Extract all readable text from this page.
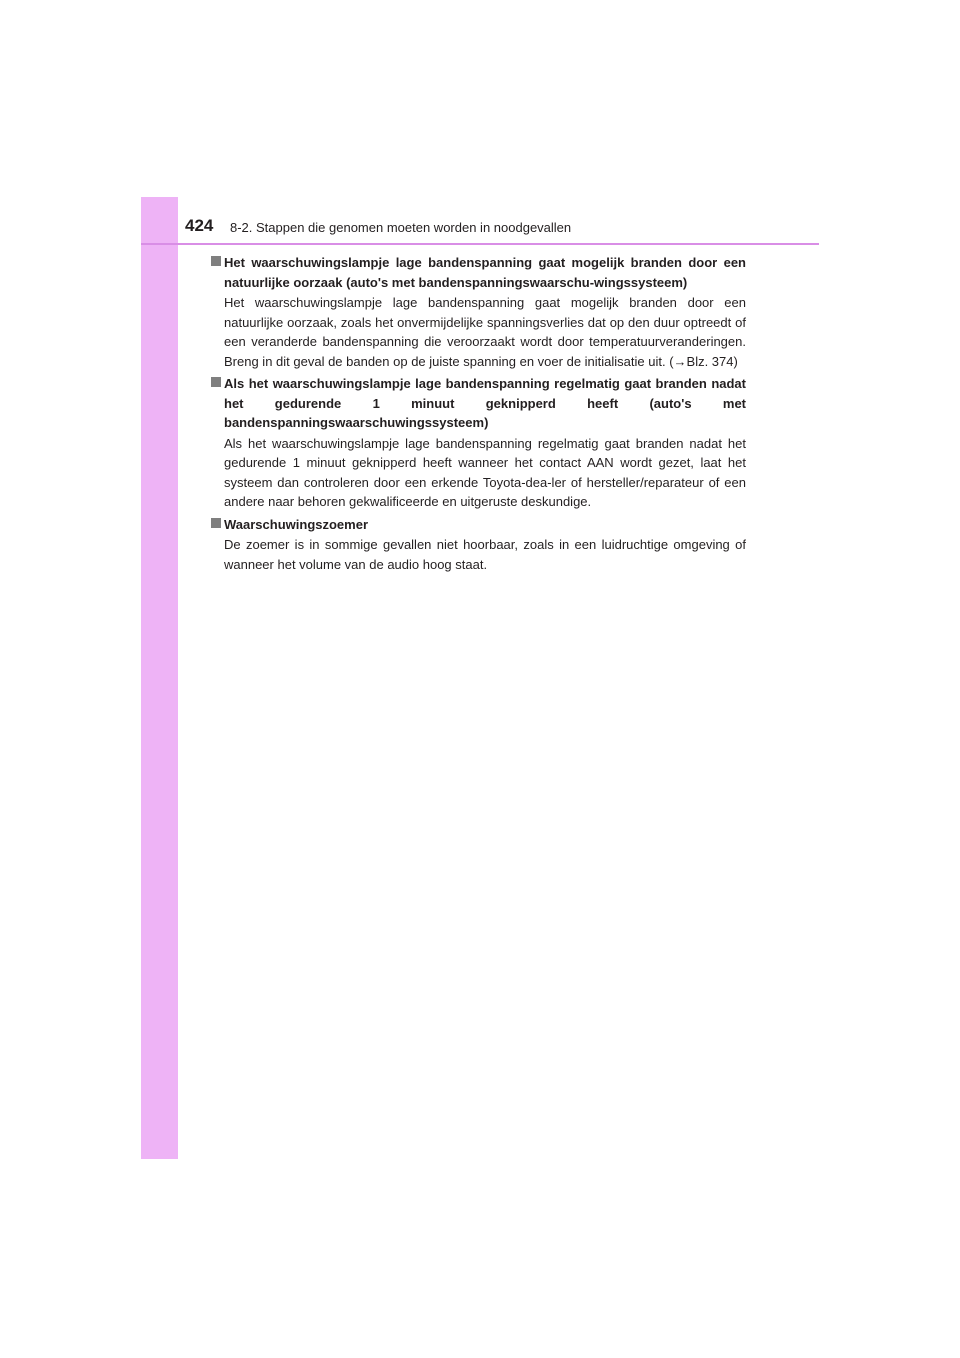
424 8-2. Stappen die genomen moeten worden in noodgevallen
Het waarschuwingslampje lage bandenspanning gaat mogelijk branden door een natuurlijke oorzaak (auto's met bandenspanningswaarschu-wingssysteem)
Het waarschuwingslampje lage bandenspanning gaat mogelijk branden door een natuurlijke oorzaak, zoals het onvermijdelijke spanningsverlies dat op den duur optreedt of een veranderde bandenspanning die veroorzaakt wordt door temperatuurveranderingen. Breng in dit geval de banden op de juiste spanning en voer de initialisatie uit. (→Blz. 374)
Als het waarschuwingslampje lage bandenspanning regelmatig gaat branden nadat het gedurende 1 minuut geknipperd heeft (auto's met bandenspanningswaarschuwingssysteem)
Als het waarschuwingslampje lage bandenspanning regelmatig gaat branden nadat het gedurende 1 minuut geknipperd heeft wanneer het contact AAN wordt gezet, laat het systeem dan controleren door een erkende Toyota-dea-ler of hersteller/reparateur of een andere naar behoren gekwalificeerde en uitgeruste deskundige.
Waarschuwingszoemer
De zoemer is in sommige gevallen niet hoorbaar, zoals in een luidruchtige omgeving of wanneer het volume van de audio hoog staat.
